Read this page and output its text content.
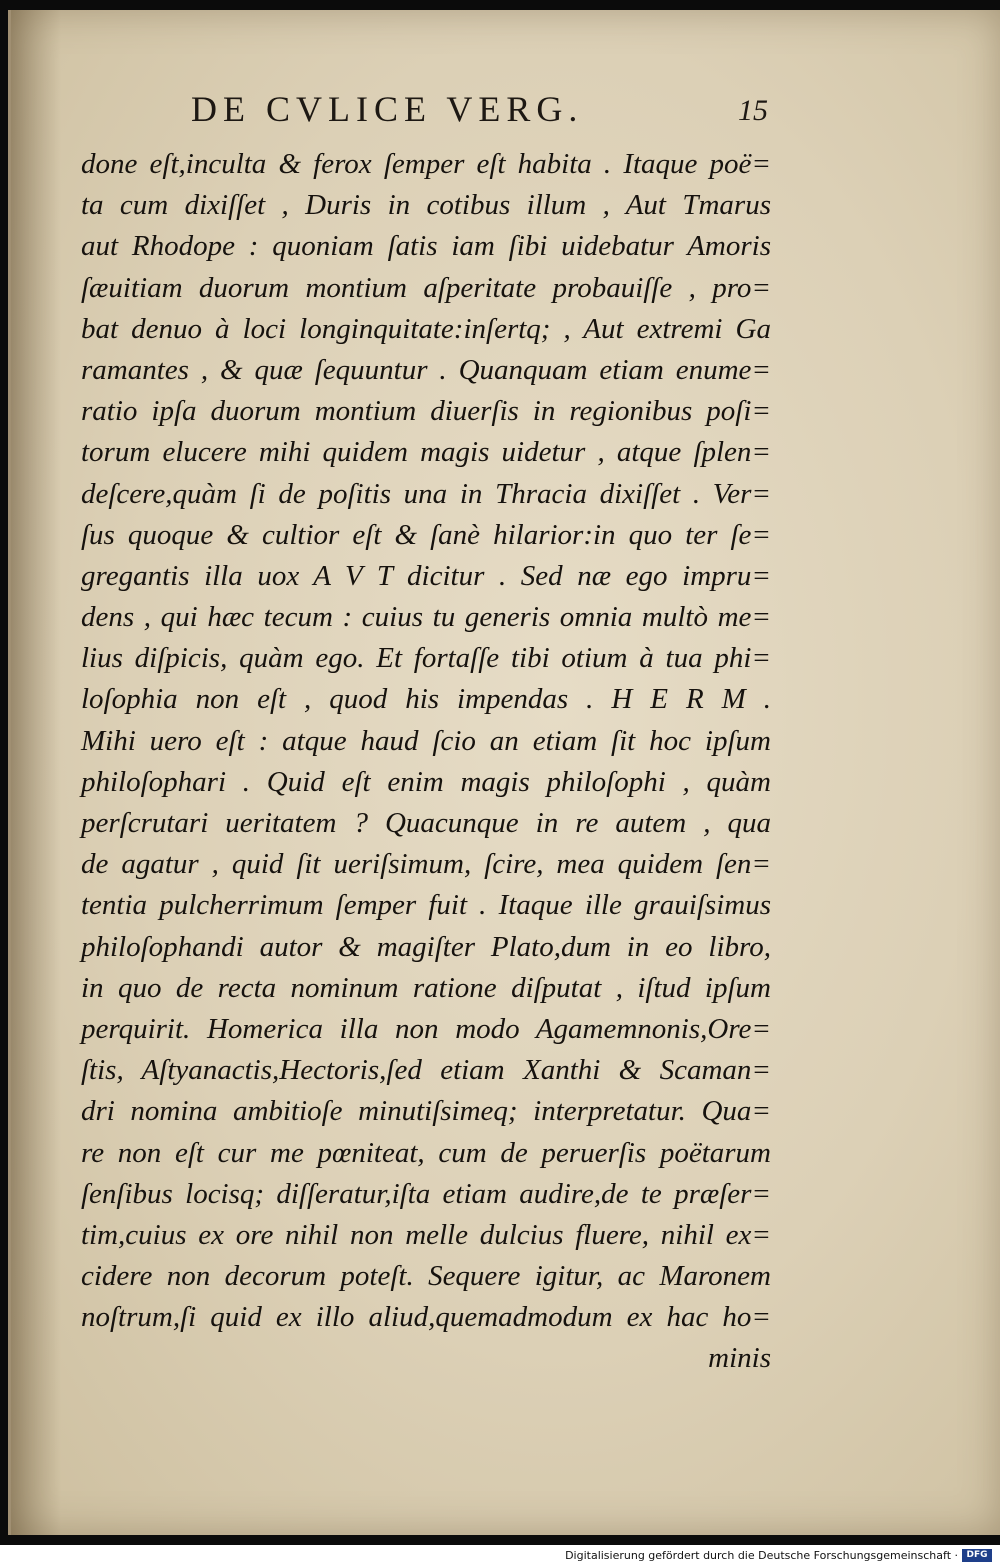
DE CVLICE VERG.	15
done eſt,inculta & ferox ſemper eſt habita . Itaque poë=
ta cum dixiſſet , Duris in cotibus illum , Aut Tmarus
aut Rhodope : quoniam ſatis iam ſibi uidebatur Amoris
ſæuitiam duorum montium aſperitate probauiſſe , pro=
bat denuo à loci longinquitate:inſertq; , Aut extremi Ga
ramantes , & quæ ſequuntur . Quanquam etiam enume=
ratio ipſa duorum montium diuerſis in regionibus poſi=
torum elucere mihi quidem magis uidetur , atque ſplen=
deſcere,quàm ſi de poſitis una in Thracia dixiſſet . Ver=
ſus quoque & cultior eſt & ſanè hilarior:in quo ter ſe=
gregantis illa uox A V T dicitur . Sed næ ego impru=
dens , qui hæc tecum : cuius tu generis omnia multò me=
lius diſpicis, quàm ego. Et fortaſſe tibi otium à tua phi=
loſophia non eſt , quod his impendas . H E R M .
Mihi uero eſt : atque haud ſcio an etiam ſit hoc ipſum
philoſophari . Quid eſt enim magis philoſophi , quàm
perſcrutari ueritatem ? Quacunque in re autem , qua
de agatur , quid ſit ueriſsimum, ſcire, mea quidem ſen=
tentia pulcherrimum ſemper fuit . Itaque ille grauiſsimus
philoſophandi autor & magiſter Plato,dum in eo libro,
in quo de recta nominum ratione diſputat , iſtud ipſum
perquirit. Homerica illa non modo Agamemnonis,Ore=
ſtis, Aſtyanactis,Hectoris,ſed etiam Xanthi & Scaman=
dri nomina ambitioſe minutiſsimeq; interpretatur. Qua=
re non eſt cur me pœniteat, cum de peruerſis poëtarum
ſenſibus locisq; diſſeratur,iſta etiam audire,de te præſer=
tim,cuius ex ore nihil non melle dulcius fluere, nihil ex=
cidere non decorum poteſt. Sequere igitur, ac Maronem
noſtrum,ſi quid ex illo aliud,quemadmodum ex hac ho=
minis
Digitalisierung gefördert durch die Deutsche Forschungsgemeinschaft · DFG
